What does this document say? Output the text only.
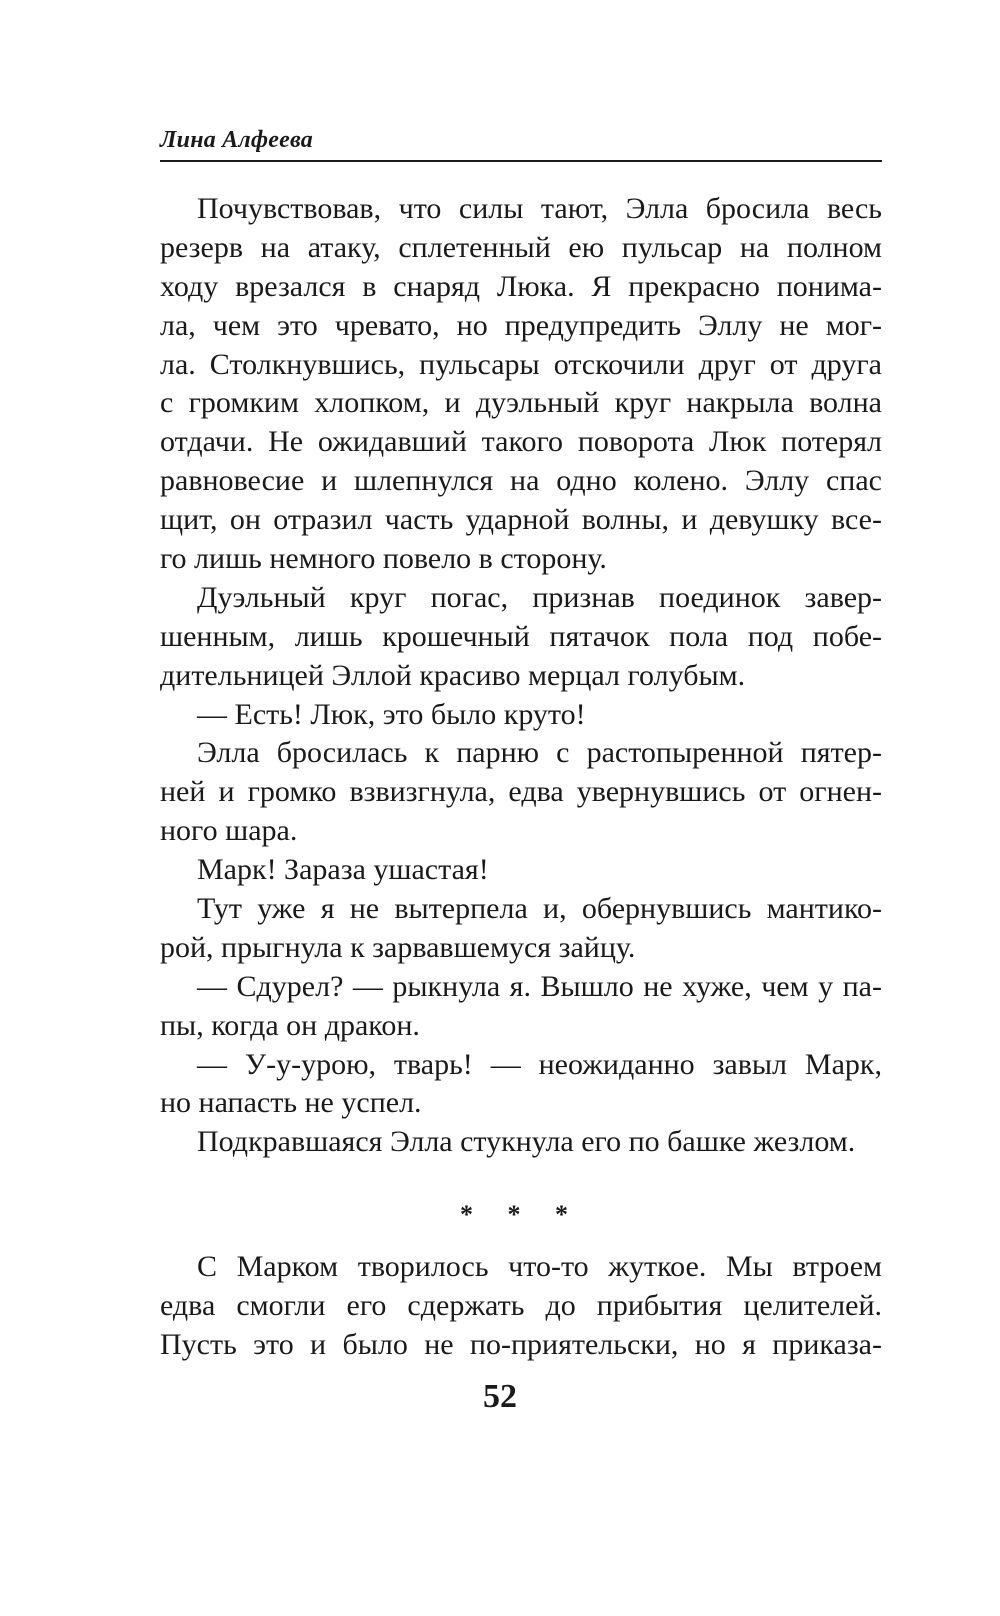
Лина Алфеева
Почувствовав, что силы тают, Элла бросила весь
резерв на атаку, сплетенный ею пульсар на полном
ходу врезался в снаряд Люка. Я прекрасно понима-
ла, чем это чревато, но предупредить Эллу не мог-
ла. Столкнувшись, пульсары отскочили друг от друга
с громким хлопком, и дуэльный круг накрыла волна
отдачи. Не ожидавший такого поворота Люк потерял
равновесие и шлепнулся на одно колено. Эллу спас
щит, он отразил часть ударной волны, и девушку все-
го лишь немного повело в сторону.
Дуэльный круг погас, признав поединок завер-
шенным, лишь крошечный пятачок пола под побе-
дительницей Эллой красиво мерцал голубым.
— Есть! Люк, это было круто!
Элла бросилась к парню с растопыренной пятер-
ней и громко взвизгнула, едва увернувшись от огнен-
ного шара.
Марк! Зараза ушастая!
Тут уже я не вытерпела и, обернувшись мантико-
рой, прыгнула к зарвавшемуся зайцу.
— Сдурел? — рыкнула я. Вышло не хуже, чем у па-
пы, когда он дракон.
— У-у-урою, тварь! — неожиданно завыл Марк,
но напасть не успел.
Подкравшаяся Элла стукнула его по башке жезлом.
* * *
С Марком творилось что-то жуткое. Мы втроем
едва смогли его сдержать до прибытия целителей.
Пусть это и было не по-приятельски, но я приказа-
52
